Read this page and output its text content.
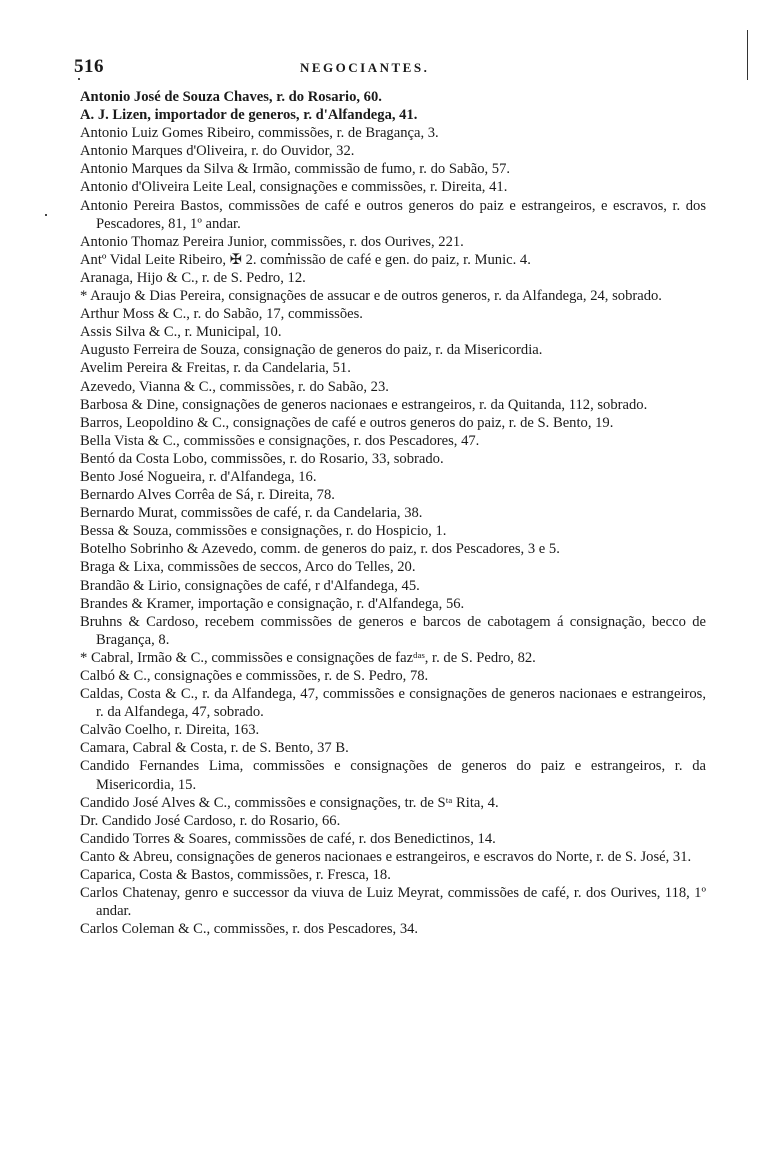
516	NEGOCIANTES.
Antonio José de Souza Chaves, r. do Rosario, 60.
A. J. Lizen, importador de generos, r. d'Alfandega, 41.
Antonio Luiz Gomes Ribeiro, commissões, r. de Bragança, 3.
Antonio Marques d'Oliveira, r. do Ouvidor, 32.
Antonio Marques da Silva & Irmão, commissão de fumo, r. do Sabão, 57.
Antonio d'Oliveira Leite Leal, consignações e commissões, r. Direita, 41.
Antonio Pereira Bastos, commissões de café e outros generos do paiz e estrangeiros, e escravos, r. dos Pescadores, 81, 1º andar.
Antonio Thomaz Pereira Junior, commissões, r. dos Ourives, 221.
Antº Vidal Leite Ribeiro, ✠ 2. commissão de café e gen. do paiz, r. Munic. 4.
Aranaga, Hijo & C., r. de S. Pedro, 12.
* Araujo & Dias Pereira, consignações de assucar e de outros generos, r. da Alfandega, 24, sobrado.
Arthur Moss & C., r. do Sabão, 17, commissões.
Assis Silva & C., r. Municipal, 10.
Augusto Ferreira de Souza, consignação de generos do paiz, r. da Misericordia.
Avelim Pereira & Freitas, r. da Candelaria, 51.
Azevedo, Vianna & C., commissões, r. do Sabão, 23.
Barbosa & Dine, consignações de generos nacionaes e estrangeiros, r. da Quitanda, 112, sobrado.
Barros, Leopoldino & C., consignações de café e outros generos do paiz, r. de S. Bento, 19.
Bella Vista & C., commissões e consignações, r. dos Pescadores, 47.
Bentó da Costa Lobo, commissões, r. do Rosario, 33, sobrado.
Bento José Nogueira, r. d'Alfandega, 16.
Bernardo Alves Corrêa de Sá, r. Direita, 78.
Bernardo Murat, commissões de café, r. da Candelaria, 38.
Bessa & Souza, commissões e consignações, r. do Hospicio, 1.
Botelho Sobrinho & Azevedo, comm. de generos do paiz, r. dos Pescadores, 3 e 5.
Braga & Lixa, commissões de seccos, Arco do Telles, 20.
Brandão & Lirio, consignações de café, r d'Alfandega, 45.
Brandes & Kramer, importação e consignação, r. d'Alfandega, 56.
Bruhns & Cardoso, recebem commissões de generos e barcos de cabotagem á consignação, becco de Bragança, 8.
* Cabral, Irmão & C., commissões e consignações de fazᵈᵃˢ, r. de S. Pedro, 82.
Calbó & C., consignações e commissões, r. de S. Pedro, 78.
Caldas, Costa & C., r. da Alfandega, 47, commissões e consignações de generos nacionaes e estrangeiros, r. da Alfandega, 47, sobrado.
Calvão Coelho, r. Direita, 163.
Camara, Cabral & Costa, r. de S. Bento, 37 B.
Candido Fernandes Lima, commissões e consignações de generos do paiz e estrangeiros, r. da Misericordia, 15.
Candido José Alves & C., commissões e consignações, tr. de Sᵗᵃ Rita, 4.
Dr. Candido José Cardoso, r. do Rosario, 66.
Candido Torres & Soares, commissões de café, r. dos Benedictinos, 14.
Canto & Abreu, consignações de generos nacionaes e estrangeiros, e escravos do Norte, r. de S. José, 31.
Caparica, Costa & Bastos, commissões, r. Fresca, 18.
Carlos Chatenay, genro e successor da viuva de Luiz Meyrat, commissões de café, r. dos Ourives, 118, 1º andar.
Carlos Coleman & C., commissões, r. dos Pescadores, 34.
